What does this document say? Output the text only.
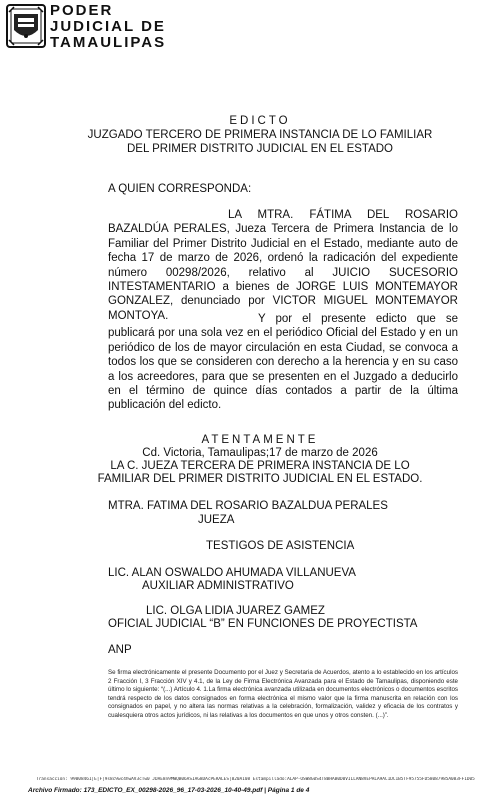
PODER
JUDICIAL DE
TAMAULIPAS
EDICTO
JUZGADO TERCERO DE PRIMERA INSTANCIA DE LO FAMILIAR
DEL PRIMER DISTRITO JUDICIAL EN EL ESTADO
A QUIEN CORRESPONDA:
LA MTRA. FÁTIMA DEL ROSARIO BAZALDÚA PERALES, Jueza Tercera de Primera Instancia de lo Familiar del Primer Distrito Judicial en el Estado, mediante auto de fecha 17 de marzo de 2026, ordenó la radicación del expediente número 00298/2026, relativo al JUICIO SUCESORIO INTESTAMENTARIO a bienes de JORGE LUIS MONTEMAYOR GONZALEZ, denunciado por VICTOR MIGUEL MONTEMAYOR MONTOYA.	Y por el presente edicto que se publicará por una sola vez en el periódico Oficial del Estado y en un periódico de los de mayor circulación en esta Ciudad, se convoca a todos los que se consideren con derecho a la herencia y en su caso a los acreedores, para que se presenten en el Juzgado a deducirlo en el término de quince días contados a partir de la última publicación del edicto.
ATENTAMENTE
Cd. Victoria, Tamaulipas;17 de marzo de 2026
LA C. JUEZA TERCERA DE PRIMERA INSTANCIA DE LO
FAMILIAR DEL PRIMER DISTRITO JUDICIAL EN EL ESTADO.
MTRA. FATIMA DEL ROSARIO BAZALDUA PERALES
JUEZA
TESTIGOS DE ASISTENCIA
LIC. ALAN OSWALDO AHUMADA VILLANUEVA
AUXILIAR ADMINISTRATIVO
LIC. OLGA LIDIA JUAREZ GAMEZ
OFICIAL JUDICIAL “B” EN FUNCIONES DE PROYECTISTA
ANP
Se firma electrónicamente el presente Documento por el Juez y Secretaria de Acuerdos, atento a lo establecido en los artículos 2 Fracción I, 3 Fracción XIV y 4.1, de la Ley de Firma Electrónica Avanzada para el Estado de Tamaulipas, disponiendo este último lo siguiente: “(...) Artículo 4. 1.La firma electrónica avanzada utilizada en documentos electrónicos o documentos escritos tendrá respecto de los datos consignados en forma electrónica el mismo valor que la firma manuscrita en relación con los consignados en papel, y no altera las normas relativas a la celebración, formalización, validez y eficacia de los contratos y cualesquiera otros actos jurídicos, ni las relativas a los documentos en que unos y otros consten. (...)”.
Transacción: 99008461|E|F|9s8c9wc4hwAV3cTw0 JDAE8n9MWQB06ASIAG8DAcPERALES|820A108 Estampillado:ALAP-OSW8G0S4T8BHAB0D0VILLAN8VEPALA9AC1DC1B5TF95755FD58087985A083FF1D05
Archivo Firmado: 173_EDICTO_EX_00298-2026_96_17-03-2026_10-40-49.pdf | Página 1 de 4
